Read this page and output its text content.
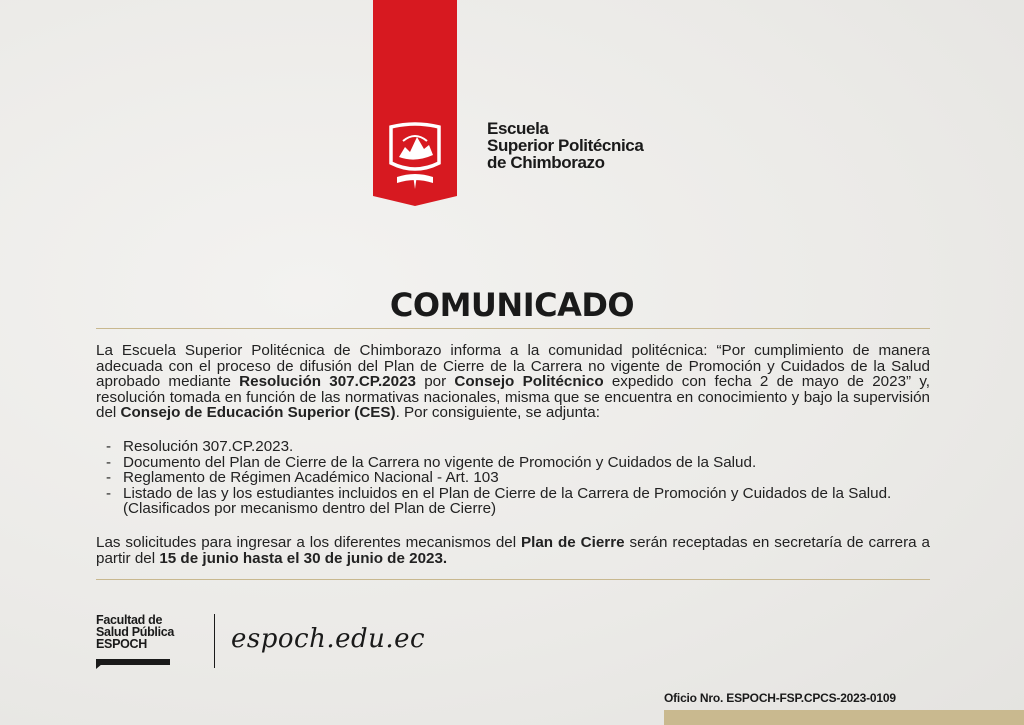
Escuela
Superior Politécnica
de Chimborazo
COMUNICADO
La Escuela Superior Politécnica de Chimborazo informa a la comunidad politécnica: “Por cumplimiento de manera adecuada con el proceso de difusión del Plan de Cierre de la Carrera no vigente de Promoción y Cuidados de la Salud aprobado mediante Resolución 307.CP.2023 por Consejo Politécnico expedido con fecha 2 de mayo de 2023” y, resolución tomada en función de las normativas nacionales, misma que se encuentra en conocimiento y bajo la supervisión del Consejo de Educación Superior (CES). Por consiguiente, se adjunta:
- Resolución 307.CP.2023.
- Documento del Plan de Cierre de la Carrera no vigente de Promoción y Cuidados de la Salud.
- Reglamento de Régimen Académico Nacional - Art. 103
- Listado de las y los estudiantes incluidos en el Plan de Cierre de la Carrera de Promoción y Cuidados de la Salud.
(Clasificados por mecanismo dentro del Plan de Cierre)
Las solicitudes para ingresar a los diferentes mecanismos del Plan de Cierre serán receptadas en secretaría de carrera a partir del 15 de junio hasta el 30 de junio de 2023.
Facultad de
Salud Pública
ESPOCH	espoch.edu.ec
Oficio Nro. ESPOCH-FSP.CPCS-2023-0109
